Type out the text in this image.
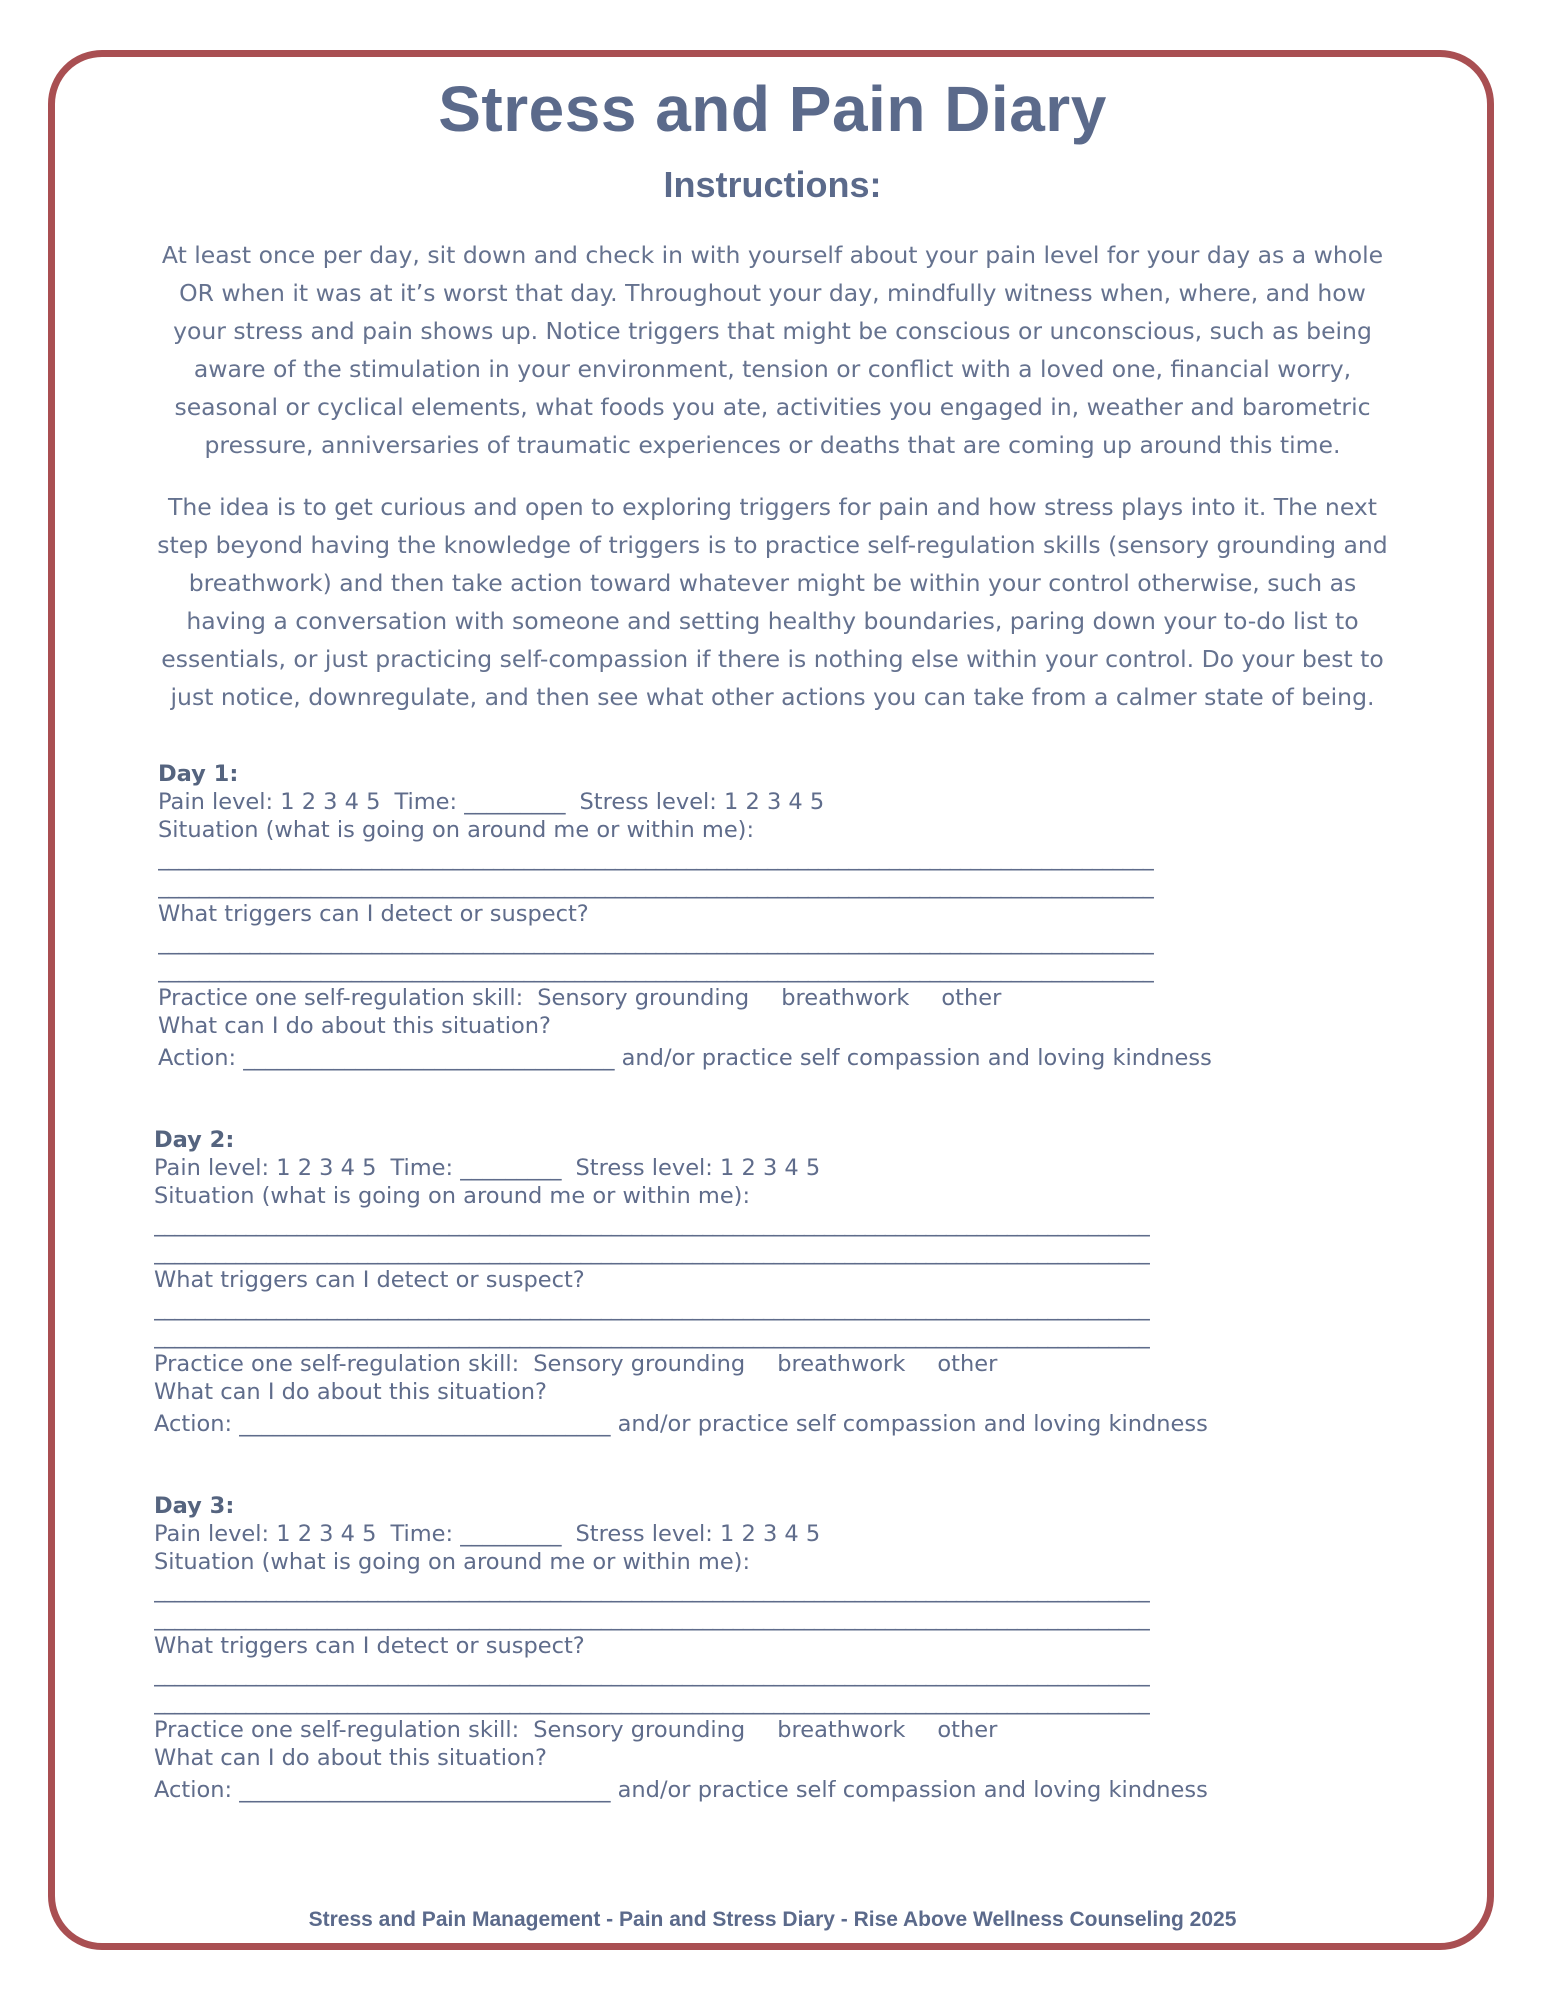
Stress and Pain Diary
Instructions:

At least once per day, sit down and check in with yourself about your pain level for your day as a whole OR when it was at it’s worst that day. Throughout your day, mindfully witness when, where, and how your stress and pain shows up. Notice triggers that might be conscious or unconscious, such as being aware of the stimulation in your environment, tension or conflict with a loved one, financial worry, seasonal or cyclical elements, what foods you ate, activities you engaged in, weather and barometric pressure, anniversaries of traumatic experiences or deaths that are coming up around this time.

The idea is to get curious and open to exploring triggers for pain and how stress plays into it. The next step beyond having the knowledge of triggers is to practice self-regulation skills (sensory grounding and breathwork) and then take action toward whatever might be within your control otherwise, such as having a conversation with someone and setting healthy boundaries, paring down your to-do list to essentials, or just practicing self-compassion if there is nothing else within your control. Do your best to just notice, downregulate, and then see what other actions you can take from a calmer state of being.

Day 1:
Pain level: 1 2 3 4 5 Time: _________ Stress level: 1 2 3 4 5
Situation (what is going on around me or within me):
__________________________________________________________________________________________________
__________________________________________________________________________________________________
What triggers can I detect or suspect?
__________________________________________________________________________________________________
__________________________________________________________________________________________________
Practice one self-regulation skill: Sensory grounding breathwork other
What can I do about this situation?
Action: _________________________________ and/or practice self compassion and loving kindness
Day 2:
Pain level: 1 2 3 4 5 Time: _________ Stress level: 1 2 3 4 5
Situation (what is going on around me or within me):
__________________________________________________________________________________________________
__________________________________________________________________________________________________
What triggers can I detect or suspect?
__________________________________________________________________________________________________
__________________________________________________________________________________________________
Practice one self-regulation skill: Sensory grounding breathwork other
What can I do about this situation?
Action: _________________________________ and/or practice self compassion and loving kindness
Day 3:
Pain level: 1 2 3 4 5 Time: _________ Stress level: 1 2 3 4 5
Situation (what is going on around me or within me):
__________________________________________________________________________________________________
__________________________________________________________________________________________________
What triggers can I detect or suspect?
__________________________________________________________________________________________________
__________________________________________________________________________________________________
Practice one self-regulation skill: Sensory grounding breathwork other
What can I do about this situation?
Action: _________________________________ and/or practice self compassion and loving kindness
Stress and Pain Management - Pain and Stress Diary - Rise Above Wellness Counseling 2025
